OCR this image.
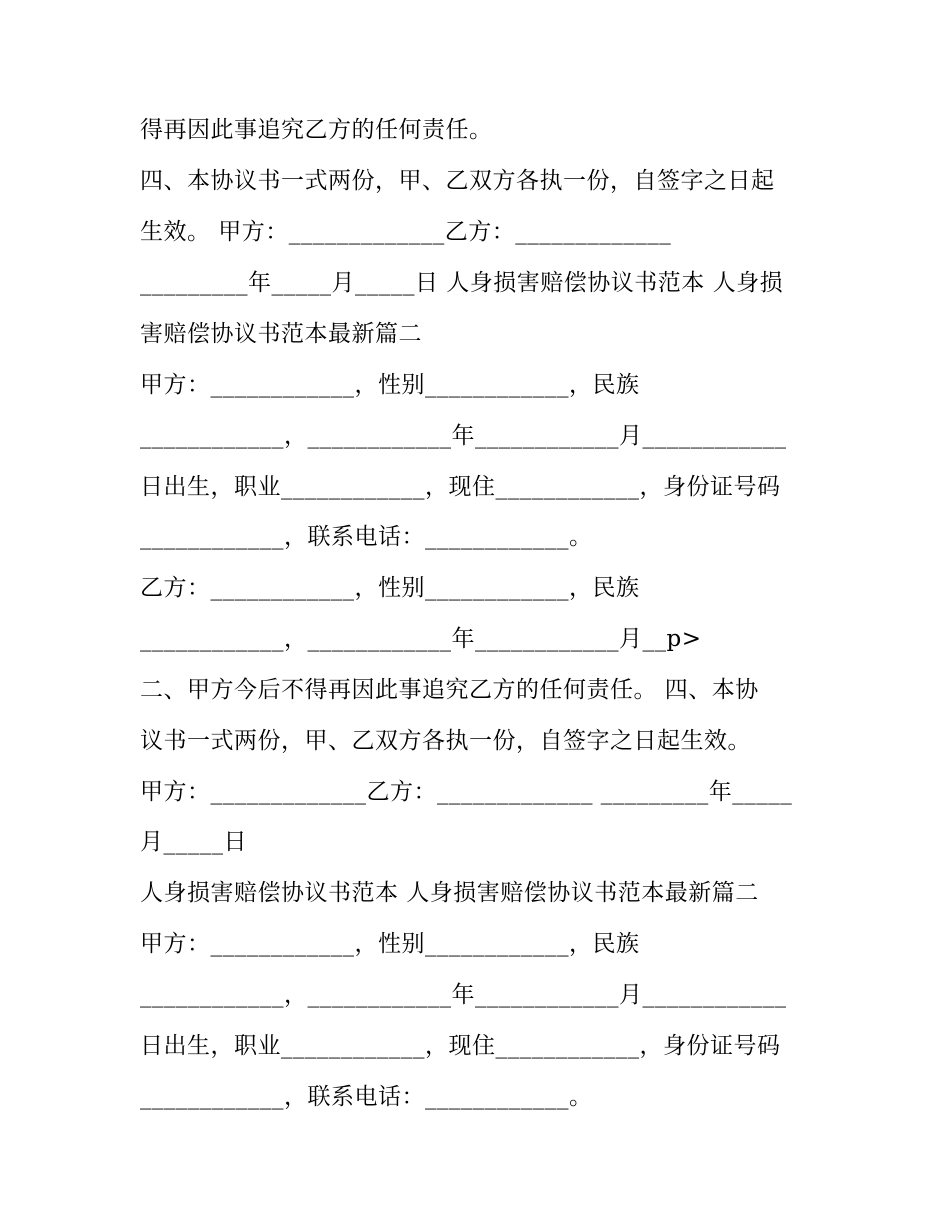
得再因此事追究乙方的任何责任。
四、本协议书一式两份，甲、乙双方各执一份，自签字之日起
生效。 甲方：_____________乙方：_____________
_________年_____月_____日 人身损害赔偿协议书范本 人身损
害赔偿协议书范本最新篇二
甲方：____________，性别____________，民族
____________，____________年____________月____________
日出生，职业____________，现住____________，身份证号码
____________，联系电话：____________。
乙方：____________，性别____________，民族
____________，____________年____________月__p>
二、甲方今后不得再因此事追究乙方的任何责任。 四、本协
议书一式两份，甲、乙双方各执一份，自签字之日起生效。
甲方：_____________乙方：_____________ _________年_____
月_____日
人身损害赔偿协议书范本 人身损害赔偿协议书范本最新篇二
甲方：____________，性别____________，民族
____________，____________年____________月____________
日出生，职业____________，现住____________，身份证号码
____________，联系电话：____________。
